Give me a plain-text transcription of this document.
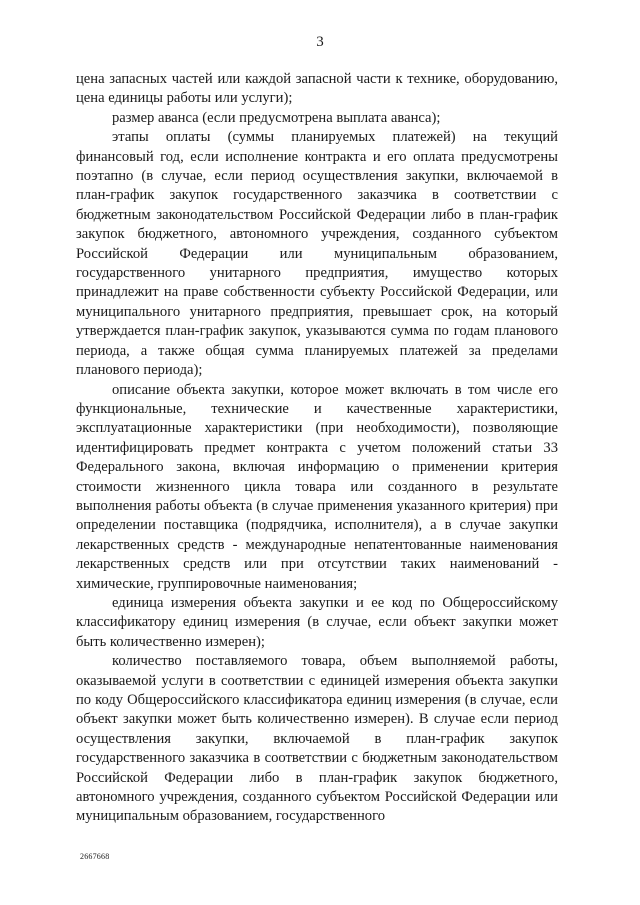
3

цена запасных частей или каждой запасной части к технике, оборудованию, цена единицы работы или услуги);

размер аванса (если предусмотрена выплата аванса);

этапы оплаты (суммы планируемых платежей) на текущий финансовый год, если исполнение контракта и его оплата предусмотрены поэтапно (в случае, если период осуществления закупки, включаемой в план-график закупок государственного заказчика в соответствии с бюджетным законодательством Российской Федерации либо в план-график закупок бюджетного, автономного учреждения, созданного субъектом Российской Федерации или муниципальным образованием, государственного унитарного предприятия, имущество которых принадлежит на праве собственности субъекту Российской Федерации, или муниципального унитарного предприятия, превышает срок, на который утверждается план-график закупок, указываются сумма по годам планового периода, а также общая сумма планируемых платежей за пределами планового периода);

описание объекта закупки, которое может включать в том числе его функциональные, технические и качественные характеристики, эксплуатационные характеристики (при необходимости), позволяющие идентифицировать предмет контракта с учетом положений статьи 33 Федерального закона, включая информацию о применении критерия стоимости жизненного цикла товара или созданного в результате выполнения работы объекта (в случае применения указанного критерия) при определении поставщика (подрядчика, исполнителя), а в случае закупки лекарственных средств - международные непатентованные наименования лекарственных средств или при отсутствии таких наименований - химические, группировочные наименования;

единица измерения объекта закупки и ее код по Общероссийскому классификатору единиц измерения (в случае, если объект закупки может быть количественно измерен);

количество поставляемого товара, объем выполняемой работы, оказываемой услуги в соответствии с единицей измерения объекта закупки по коду Общероссийского классификатора единиц измерения (в случае, если объект закупки может быть количественно измерен). В случае если период осуществления закупки, включаемой в план-график закупок государственного заказчика в соответствии с бюджетным законодательством Российской Федерации либо в план-график закупок бюджетного, автономного учреждения, созданного субъектом Российской Федерации или муниципальным образованием, государственного

2667668
